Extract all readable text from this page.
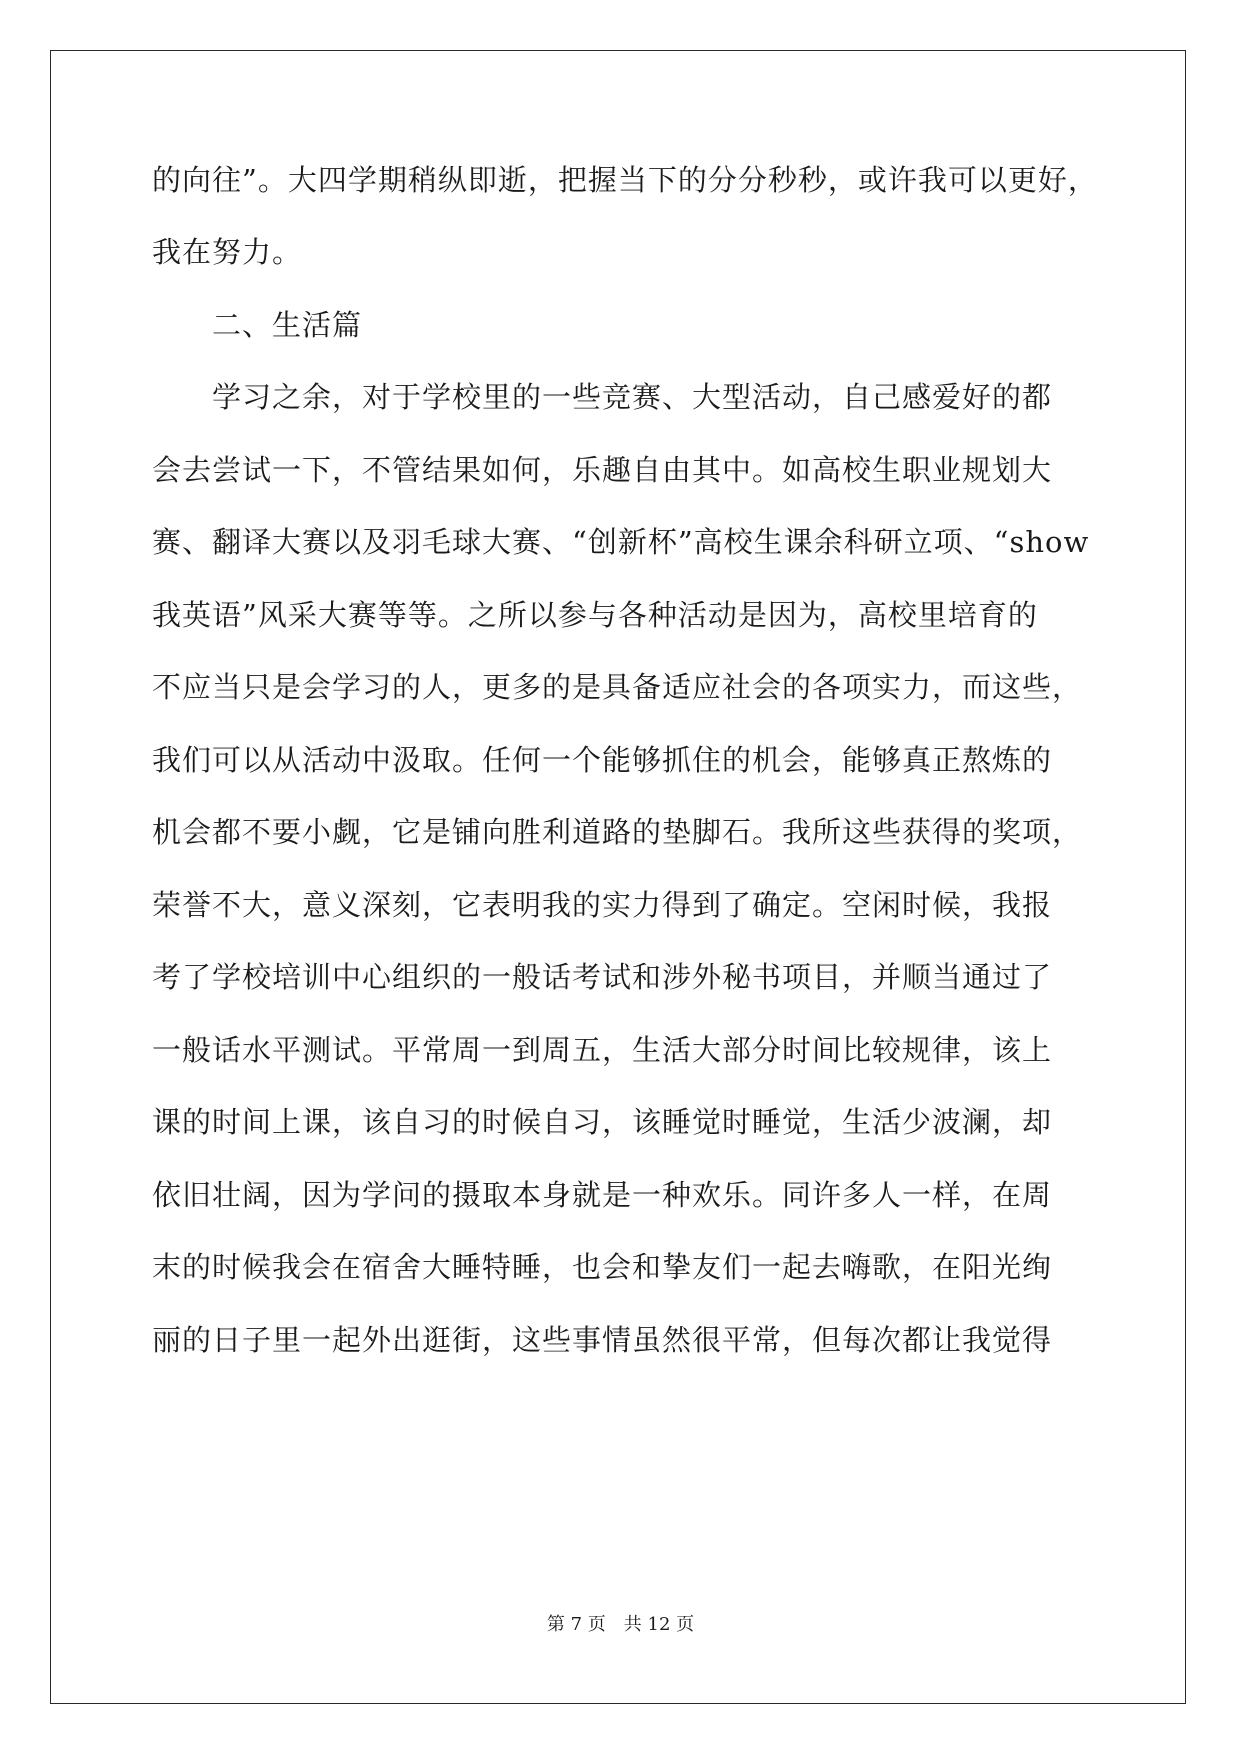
的向往”。大四学期稍纵即逝，把握当下的分分秒秒，或许我可以更好，
我在努力。
　　二、生活篇
　　学习之余，对于学校里的一些竞赛、大型活动，自己感爱好的都
会去尝试一下，不管结果如何，乐趣自由其中。如高校生职业规划大
赛、翻译大赛以及羽毛球大赛、“创新杯”高校生课余科研立项、“show
我英语”风采大赛等等。之所以参与各种活动是因为，高校里培育的
不应当只是会学习的人，更多的是具备适应社会的各项实力，而这些，
我们可以从活动中汲取。任何一个能够抓住的机会，能够真正熬炼的
机会都不要小觑，它是铺向胜利道路的垫脚石。我所这些获得的奖项，
荣誉不大，意义深刻，它表明我的实力得到了确定。空闲时候，我报
考了学校培训中心组织的一般话考试和涉外秘书项目，并顺当通过了
一般话水平测试。平常周一到周五，生活大部分时间比较规律，该上
课的时间上课，该自习的时候自习，该睡觉时睡觉，生活少波澜，却
依旧壮阔，因为学问的摄取本身就是一种欢乐。同许多人一样，在周
末的时候我会在宿舍大睡特睡，也会和挚友们一起去嗨歌，在阳光绚
丽的日子里一起外出逛街，这些事情虽然很平常，但每次都让我觉得
第 7 页 共 12 页
